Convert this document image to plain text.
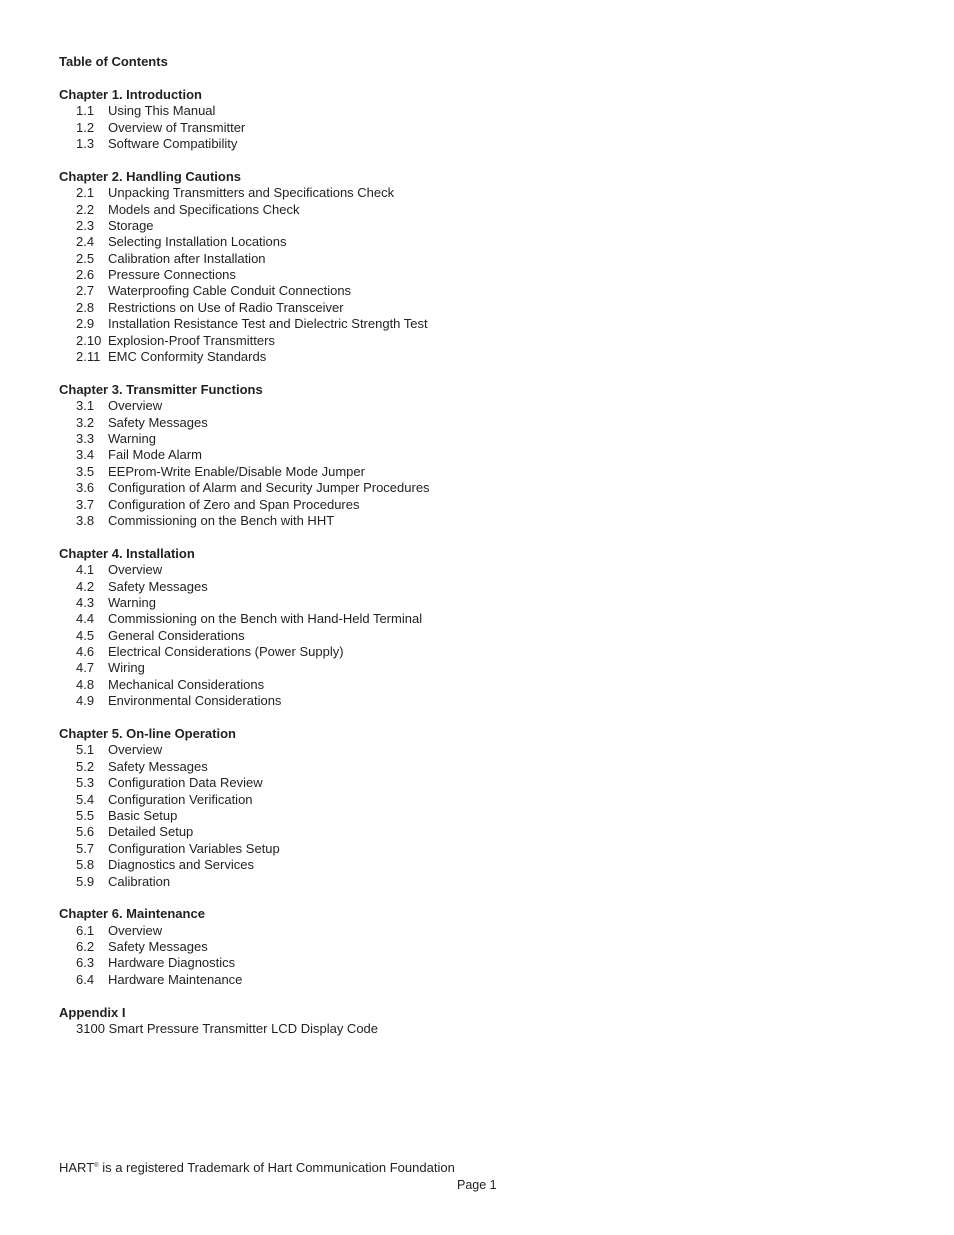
Table of Contents
Chapter 1. Introduction
1.1	Using This Manual
1.2	Overview of Transmitter
1.3	Software Compatibility
Chapter 2. Handling Cautions
2.1	Unpacking Transmitters and Specifications Check
2.2	Models and Specifications Check
2.3	Storage
2.4	Selecting Installation Locations
2.5	Calibration after Installation
2.6	Pressure Connections
2.7	Waterproofing Cable Conduit Connections
2.8	Restrictions on Use of Radio Transceiver
2.9	Installation Resistance Test and Dielectric Strength Test
2.10 Explosion-Proof Transmitters
2.11 EMC Conformity Standards
Chapter 3. Transmitter Functions
3.1	Overview
3.2	Safety Messages
3.3	Warning
3.4	Fail Mode Alarm
3.5	EEProm-Write Enable/Disable Mode Jumper
3.6	Configuration of Alarm and Security Jumper Procedures
3.7	Configuration of Zero and Span Procedures
3.8	Commissioning on the Bench with HHT
Chapter 4. Installation
4.1	Overview
4.2	Safety Messages
4.3	Warning
4.4	Commissioning on the Bench with Hand-Held Terminal
4.5	General Considerations
4.6	Electrical Considerations (Power Supply)
4.7	Wiring
4.8	Mechanical Considerations
4.9	Environmental Considerations
Chapter 5. On-line Operation
5.1	Overview
5.2	Safety Messages
5.3	Configuration Data Review
5.4	Configuration Verification
5.5	Basic Setup
5.6	Detailed Setup
5.7	Configuration Variables Setup
5.8	Diagnostics and Services
5.9	Calibration
Chapter 6. Maintenance
6.1	Overview
6.2	Safety Messages
6.3	Hardware Diagnostics
6.4	Hardware Maintenance
Appendix I
3100 Smart Pressure Transmitter LCD Display Code
HART® is a registered Trademark of Hart Communication Foundation
Page 1
